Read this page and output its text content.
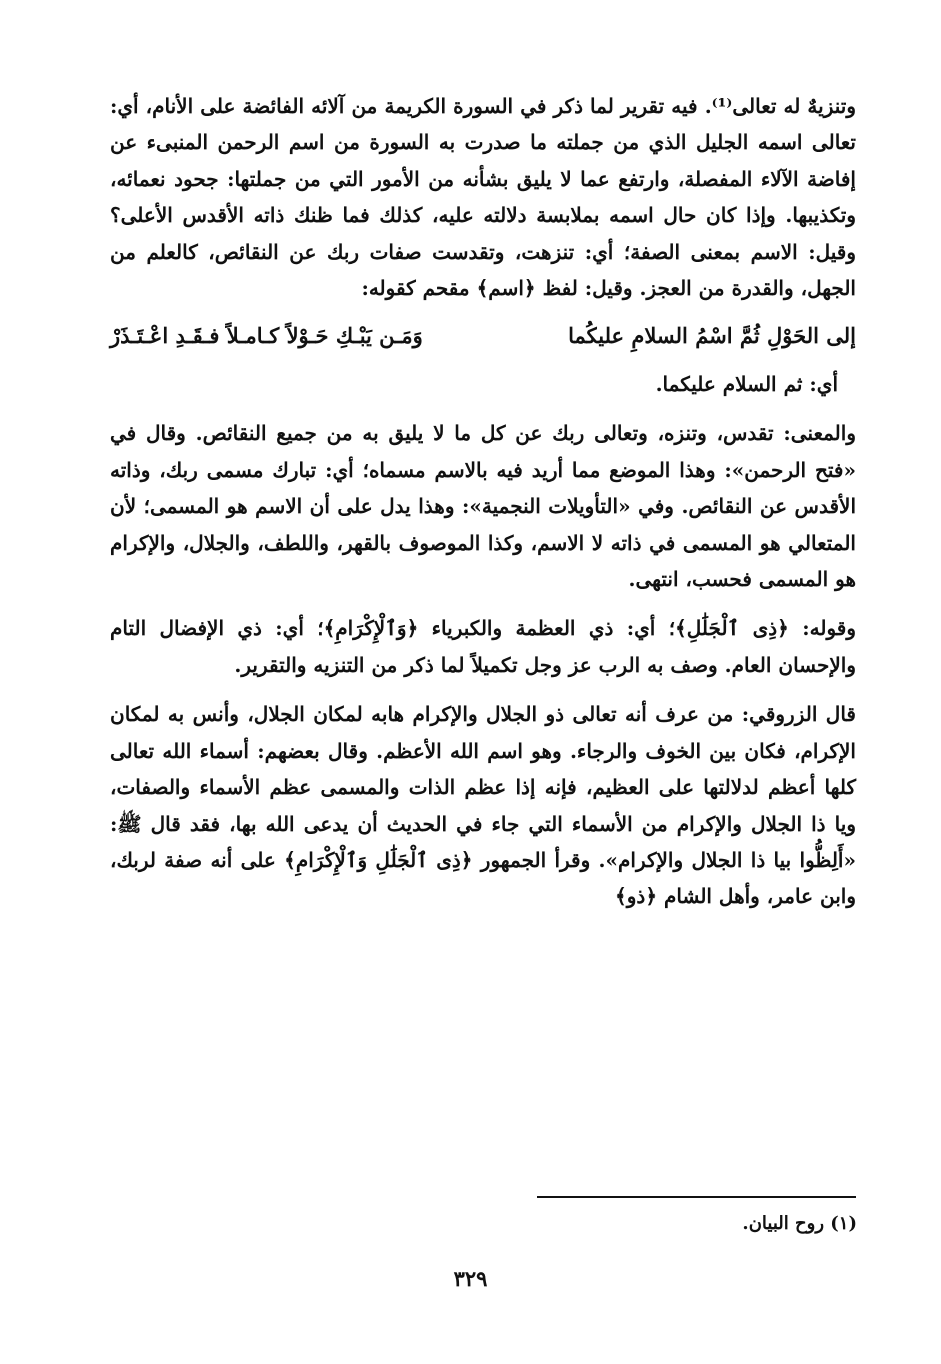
وتنزيهٌ له تعالى⁽¹⁾. فيه تقرير لما ذكر في السورة الكريمة من آلائه الفائضة على الأنام، أي: تعالى اسمه الجليل الذي من جملته ما صدرت به السورة من اسم الرحمن المنبىء عن إفاضة الآلاء المفصلة، وارتفع عما لا يليق بشأنه من الأمور التي من جملتها: جحود نعمائه، وتكذيبها. وإذا كان حال اسمه بملابسة دلالته عليه، كذلك فما ظنك ذاته الأقدس الأعلى؟ وقيل: الاسم بمعنى الصفة؛ أي: تنزهت، وتقدست صفات ربك عن النقائص، كالعلم من الجهل، والقدرة من العجز. وقيل: لفظ ﴿اسم﴾ مقحم كقوله:

إلى الحَوْلِ ثُمَّ اسْمُ السلامِ عليكُما
وَمَـن يَبْـكِ حَـوْلاً كـامـلاً فـقَـدِ اعْـتَـذَرْ

أي: ثم السلام عليكما.

والمعنى: تقدس، وتنزه، وتعالى ربك عن كل ما لا يليق به من جميع النقائص. وقال في «فتح الرحمن»: وهذا الموضع مما أريد فيه بالاسم مسماه؛ أي: تبارك مسمى ربك، وذاته الأقدس عن النقائص. وفي «التأويلات النجمية»: وهذا يدل على أن الاسم هو المسمى؛ لأن المتعالي هو المسمى في ذاته لا الاسم، وكذا الموصوف بالقهر، واللطف، والجلال، والإكرام هو المسمى فحسب، انتهى.

وقوله: ﴿ذِى ٱلْجَلَٰلِ﴾؛ أي: ذي العظمة والكبرياء ﴿وَٱلْإِكْرَامِ﴾؛ أي: ذي الإفضال التام والإحسان العام. وصف به الرب عز وجل تكميلاً لما ذكر من التنزيه والتقرير.

قال الزروقي: من عرف أنه تعالى ذو الجلال والإكرام هابه لمكان الجلال، وأنس به لمكان الإكرام، فكان بين الخوف والرجاء. وهو اسم الله الأعظم. وقال بعضهم: أسماء الله تعالى كلها أعظم لدلالتها على العظيم، فإنه إذا عظم الذات والمسمى عظم الأسماء والصفات، ويا ذا الجلال والإكرام من الأسماء التي جاء في الحديث أن يدعى الله بها، فقد قال ﷺ: «أَلِظُّوا بيا ذا الجلال والإكرام». وقرأ الجمهور ﴿ذِى ٱلْجَلَٰلِ وَٱلْإِكْرَامِ﴾ على أنه صفة لربك، وابن عامر، وأهل الشام ﴿ذو﴾

(١) روح البيان.
٣٢٩
